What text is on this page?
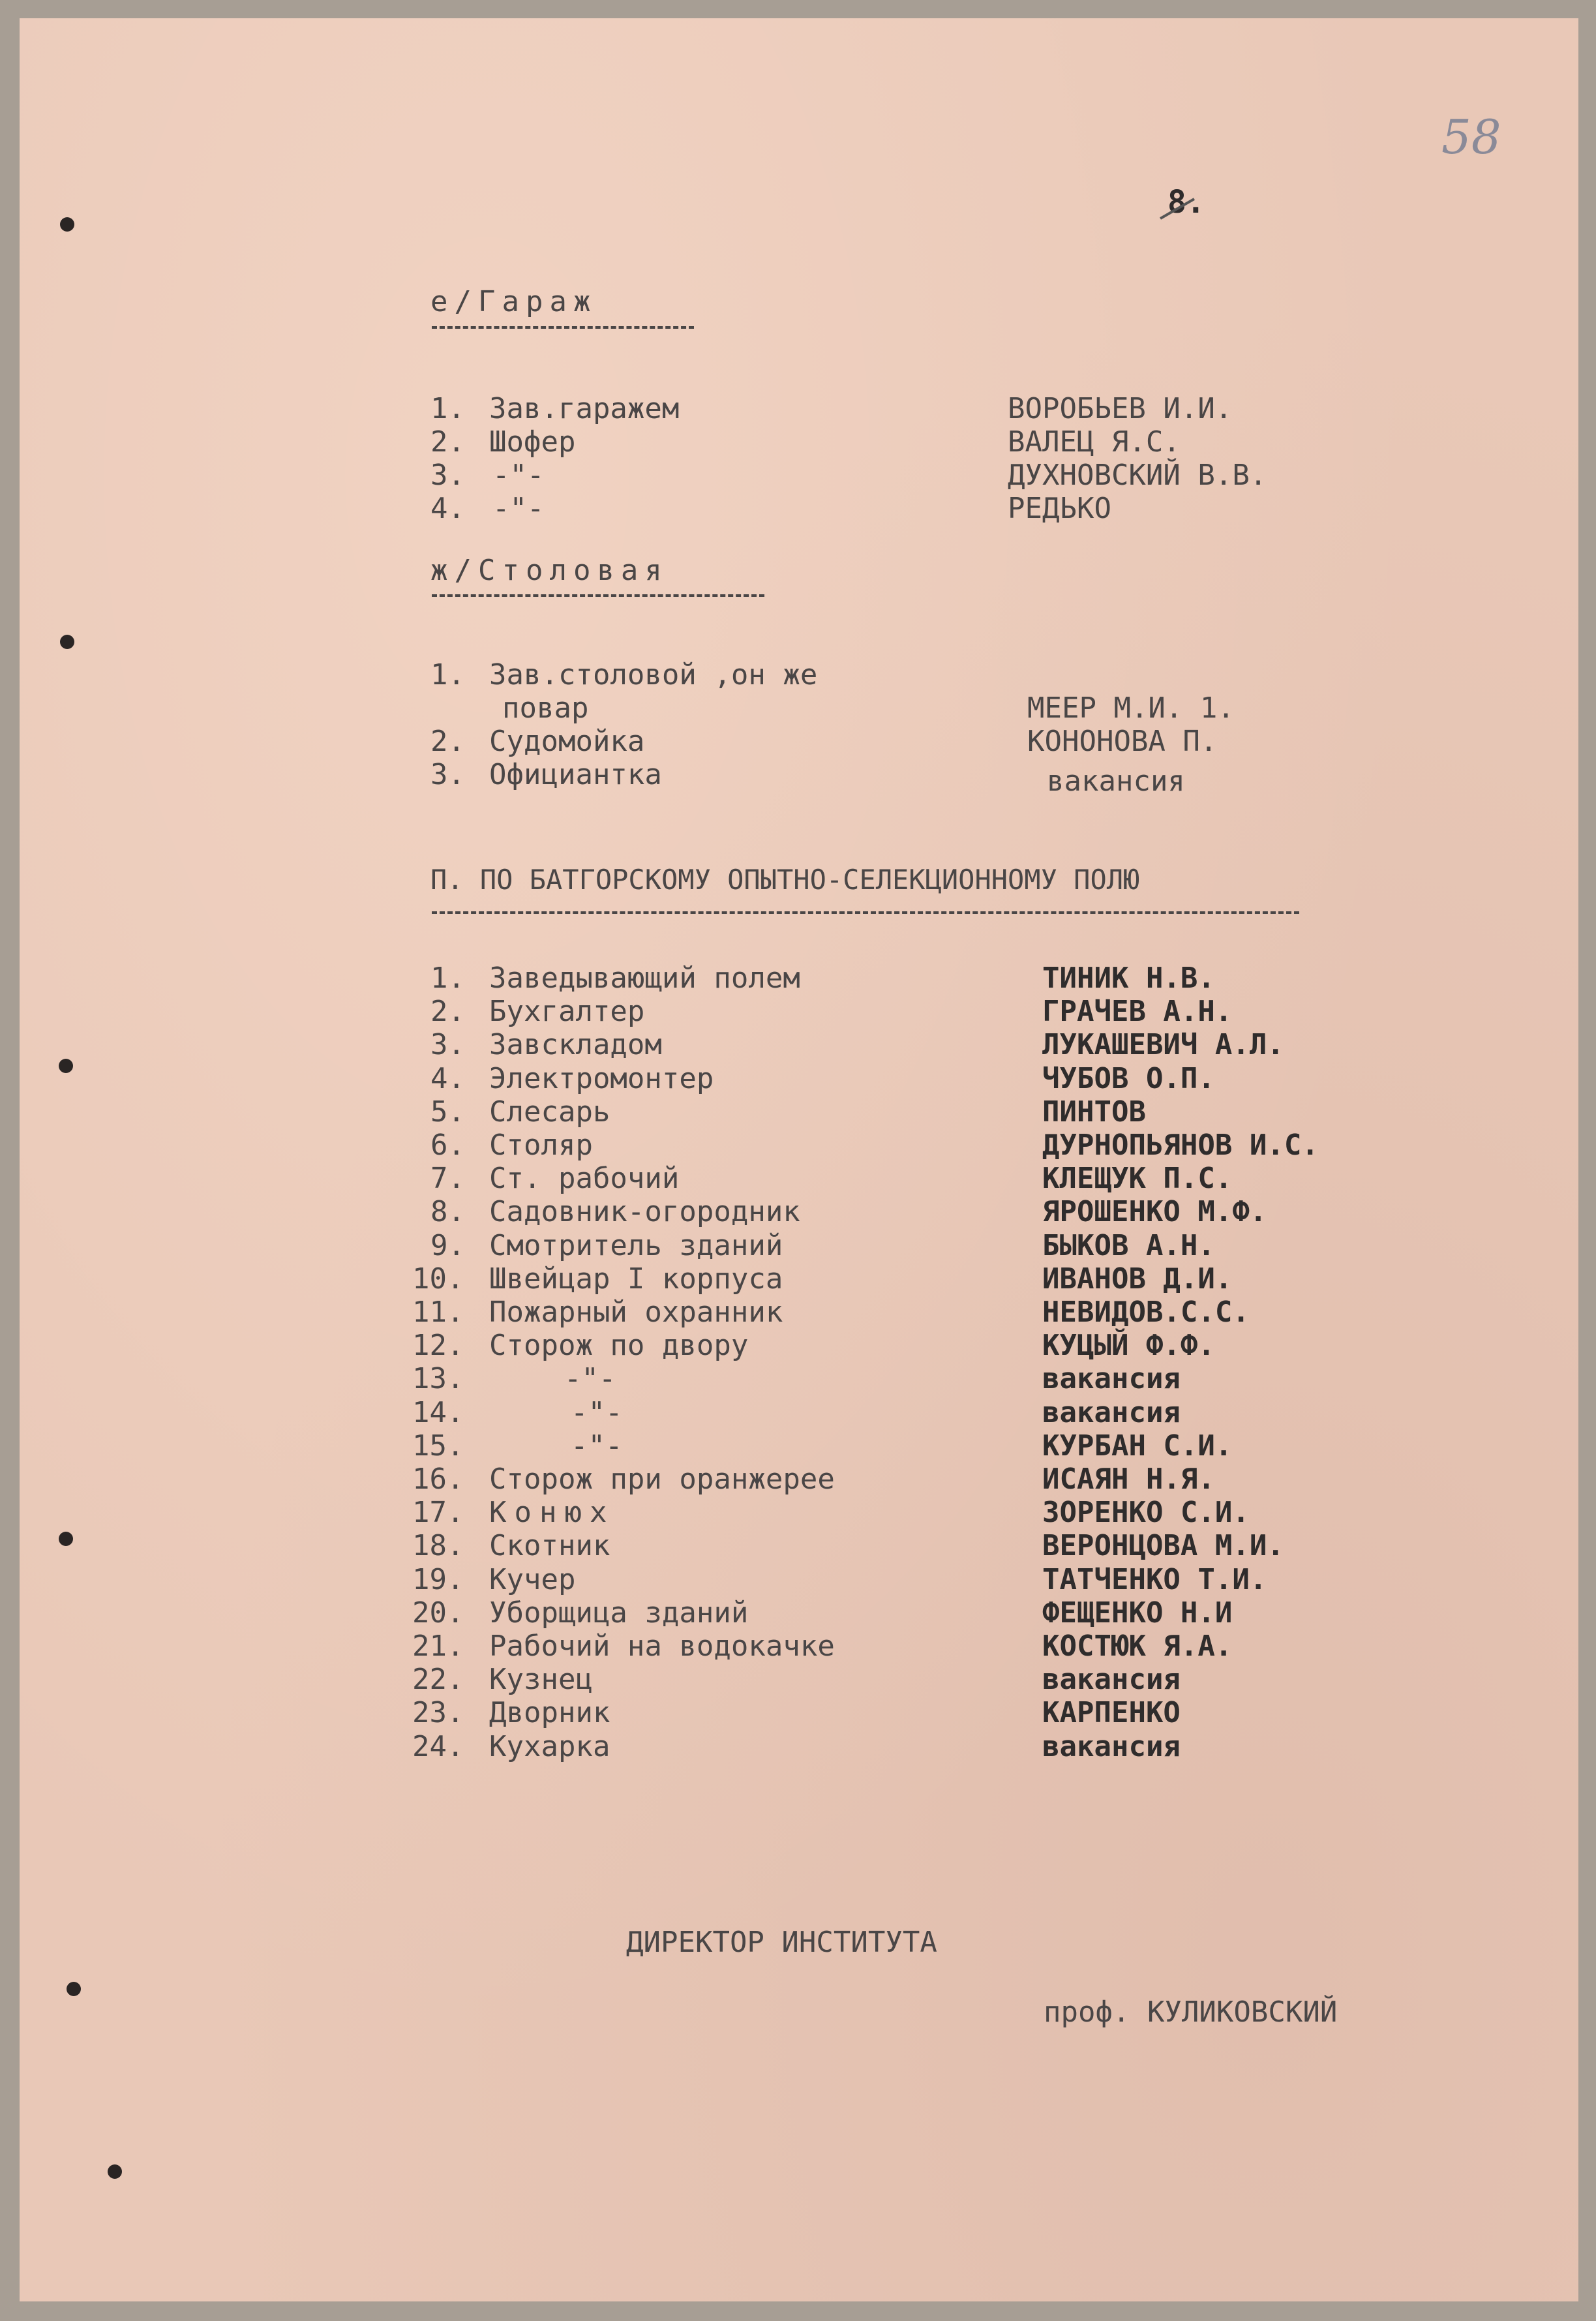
58
8.
е/Гараж
1. Зав.гаражем	ВОРОБЬЕВ И.И.
2. Шофер	ВАЛЕЦ Я.С.
3. -"-	ДУХНОВСКИЙ В.В.
4. -"-	РЕДЬКО
ж/Столовая
1. Зав.столовой ,он же
повар	МЕЕР М.И. 1.
2. Судомойка	КОНОНОВА П.
3. Официантка	вакансия
П. ПО БАТГОРСКОМУ ОПЫТНО-СЕЛЕКЦИОННОМУ ПОЛЮ
1. Заведывающий полем	ТИНИК Н.В.
2. Бухгалтер	ГРАЧЕВ А.Н.
3. Завскладом	ЛУКАШЕВИЧ А.Л.
4. Электромонтер	ЧУБОВ О.П.
5. Слесарь	ПИНТОВ
6. Столяр	ДУРНОПЬЯНОВ И.С.
7. Ст. рабочий	КЛЕЩУК П.С.
8. Садовник-огородник	ЯРОШЕНКО М.Ф.
9. Смотритель зданий	БЫКОВ А.Н.
10. Швейцар I корпуса	ИВАНОВ Д.И.
11. Пожарный охранник	НЕВИДОВ.С.С.
12. Сторож по двору	КУЦЫЙ Ф.Ф.
13.	-"-	вакансия
14.	-"-	вакансия
15.	-"-	КУРБАН С.И.
16. Сторож при оранжерее	ИСАЯН Н.Я.
17. Конюх	ЗОРЕНКО С.И.
18. Скотник	ВЕРОНЦОВА М.И.
19. Кучер	ТАТЧЕНКО Т.И.
20. Уборщица зданий	ФЕЩЕНКО Н.И
21. Рабочий на водокачке	КОСТЮК Я.А.
22. Кузнец	вакансия
23. Дворник	КАРПЕНКО
24. Кухарка	вакансия
ДИРЕКТОР ИНСТИТУТА
проф. КУЛИКОВСКИЙ
